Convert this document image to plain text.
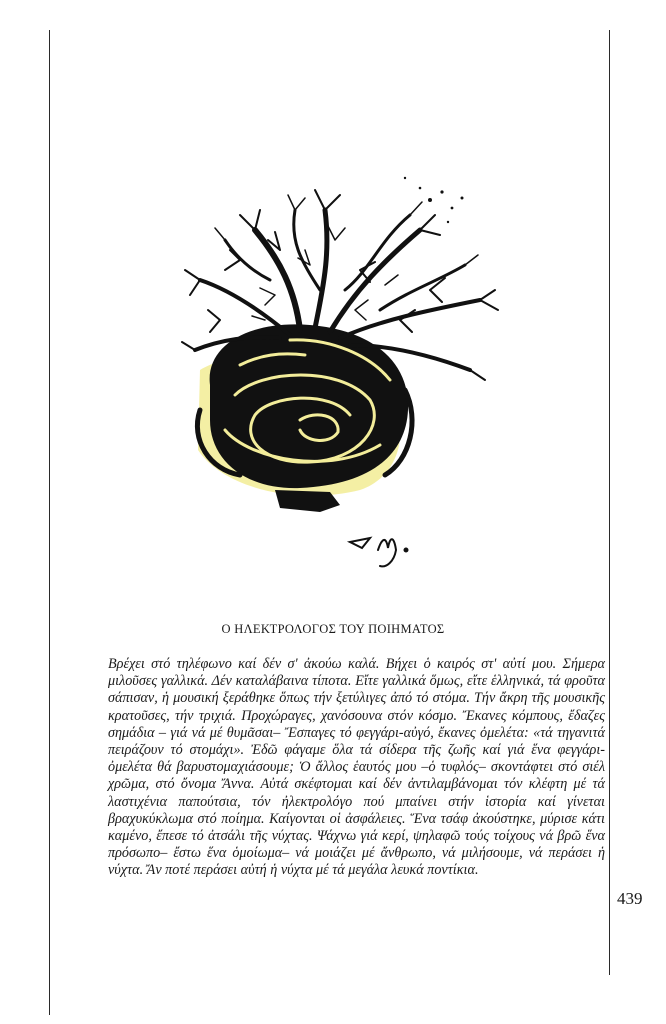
Ο ΗΛΕΚΤΡΟΛΟΓΟΣ ΤΟΥ ΠΟΙΗΜΑΤΟΣ

Βρέχει στό τηλέφωνο καί δέν σ' ἀκούω καλά. Βήχει ὁ καιρός στ' αὐτί μου. Σήμερα μιλοῦσες γαλλικά. Δέν καταλάβαινα τίποτα. Εἴτε γαλλικά ὅμως, εἴτε ἑλληνικά, τά φροῦτα σάπισαν, ἡ μουσική ξεράθηκε ὅπως τήν ξετύλιγες ἀπό τό στόμα. Τήν ἄκρη τῆς μουσικῆς κρατοῦσες, τήν τριχιά. Προχώραγες, χανόσουνα στόν κόσμο. Ἔκανες κόμπους, ἔδαζες σημάδια – γιά νά μέ θυμᾶσαι– Ἔσπαγες τό φεγγάρι-αὐγό, ἔκανες ὀμελέτα: «τά τηγανιτά πειράζουν τό στομάχι». Ἐδῶ φάγαμε ὅλα τά σίδερα τῆς ζωῆς καί γιά ἕνα φεγγάρι-ὀμελέτα θά βαρυστομαχιάσουμε; Ὁ ἄλλος ἑαυτός μου –ὁ τυφλός– σκοντάφτει στό σιέλ χρῶμα, στό ὄνομα Ἄννα. Αὐτά σκέφτομαι καί δέν ἀντιλαμβάνομαι τόν κλέφτη μέ τά λαστιχένια παπούτσια, τόν ἠλεκτρολόγο πού μπαίνει στήν ἱστορία καί γίνεται βραχυκύκλωμα στό ποίημα. Καίγονται οἱ ἀσφάλειες. Ἕνα τσάφ ἀκούστηκε, μύρισε κάτι καμένο, ἔπεσε τό ἀτσάλι τῆς νύχτας. Ψάχνω γιά κερί, ψηλαφῶ τούς τοίχους νά βρῶ ἕνα πρόσωπο– ἔστω ἕνα ὁμοίωμα– νά μοιάζει μέ ἄνθρωπο, νά μιλήσουμε, νά περάσει ἡ νύχτα. Ἄν ποτέ περάσει αὐτή ἡ νύχτα μέ τά μεγάλα λευκά ποντίκια.

439
